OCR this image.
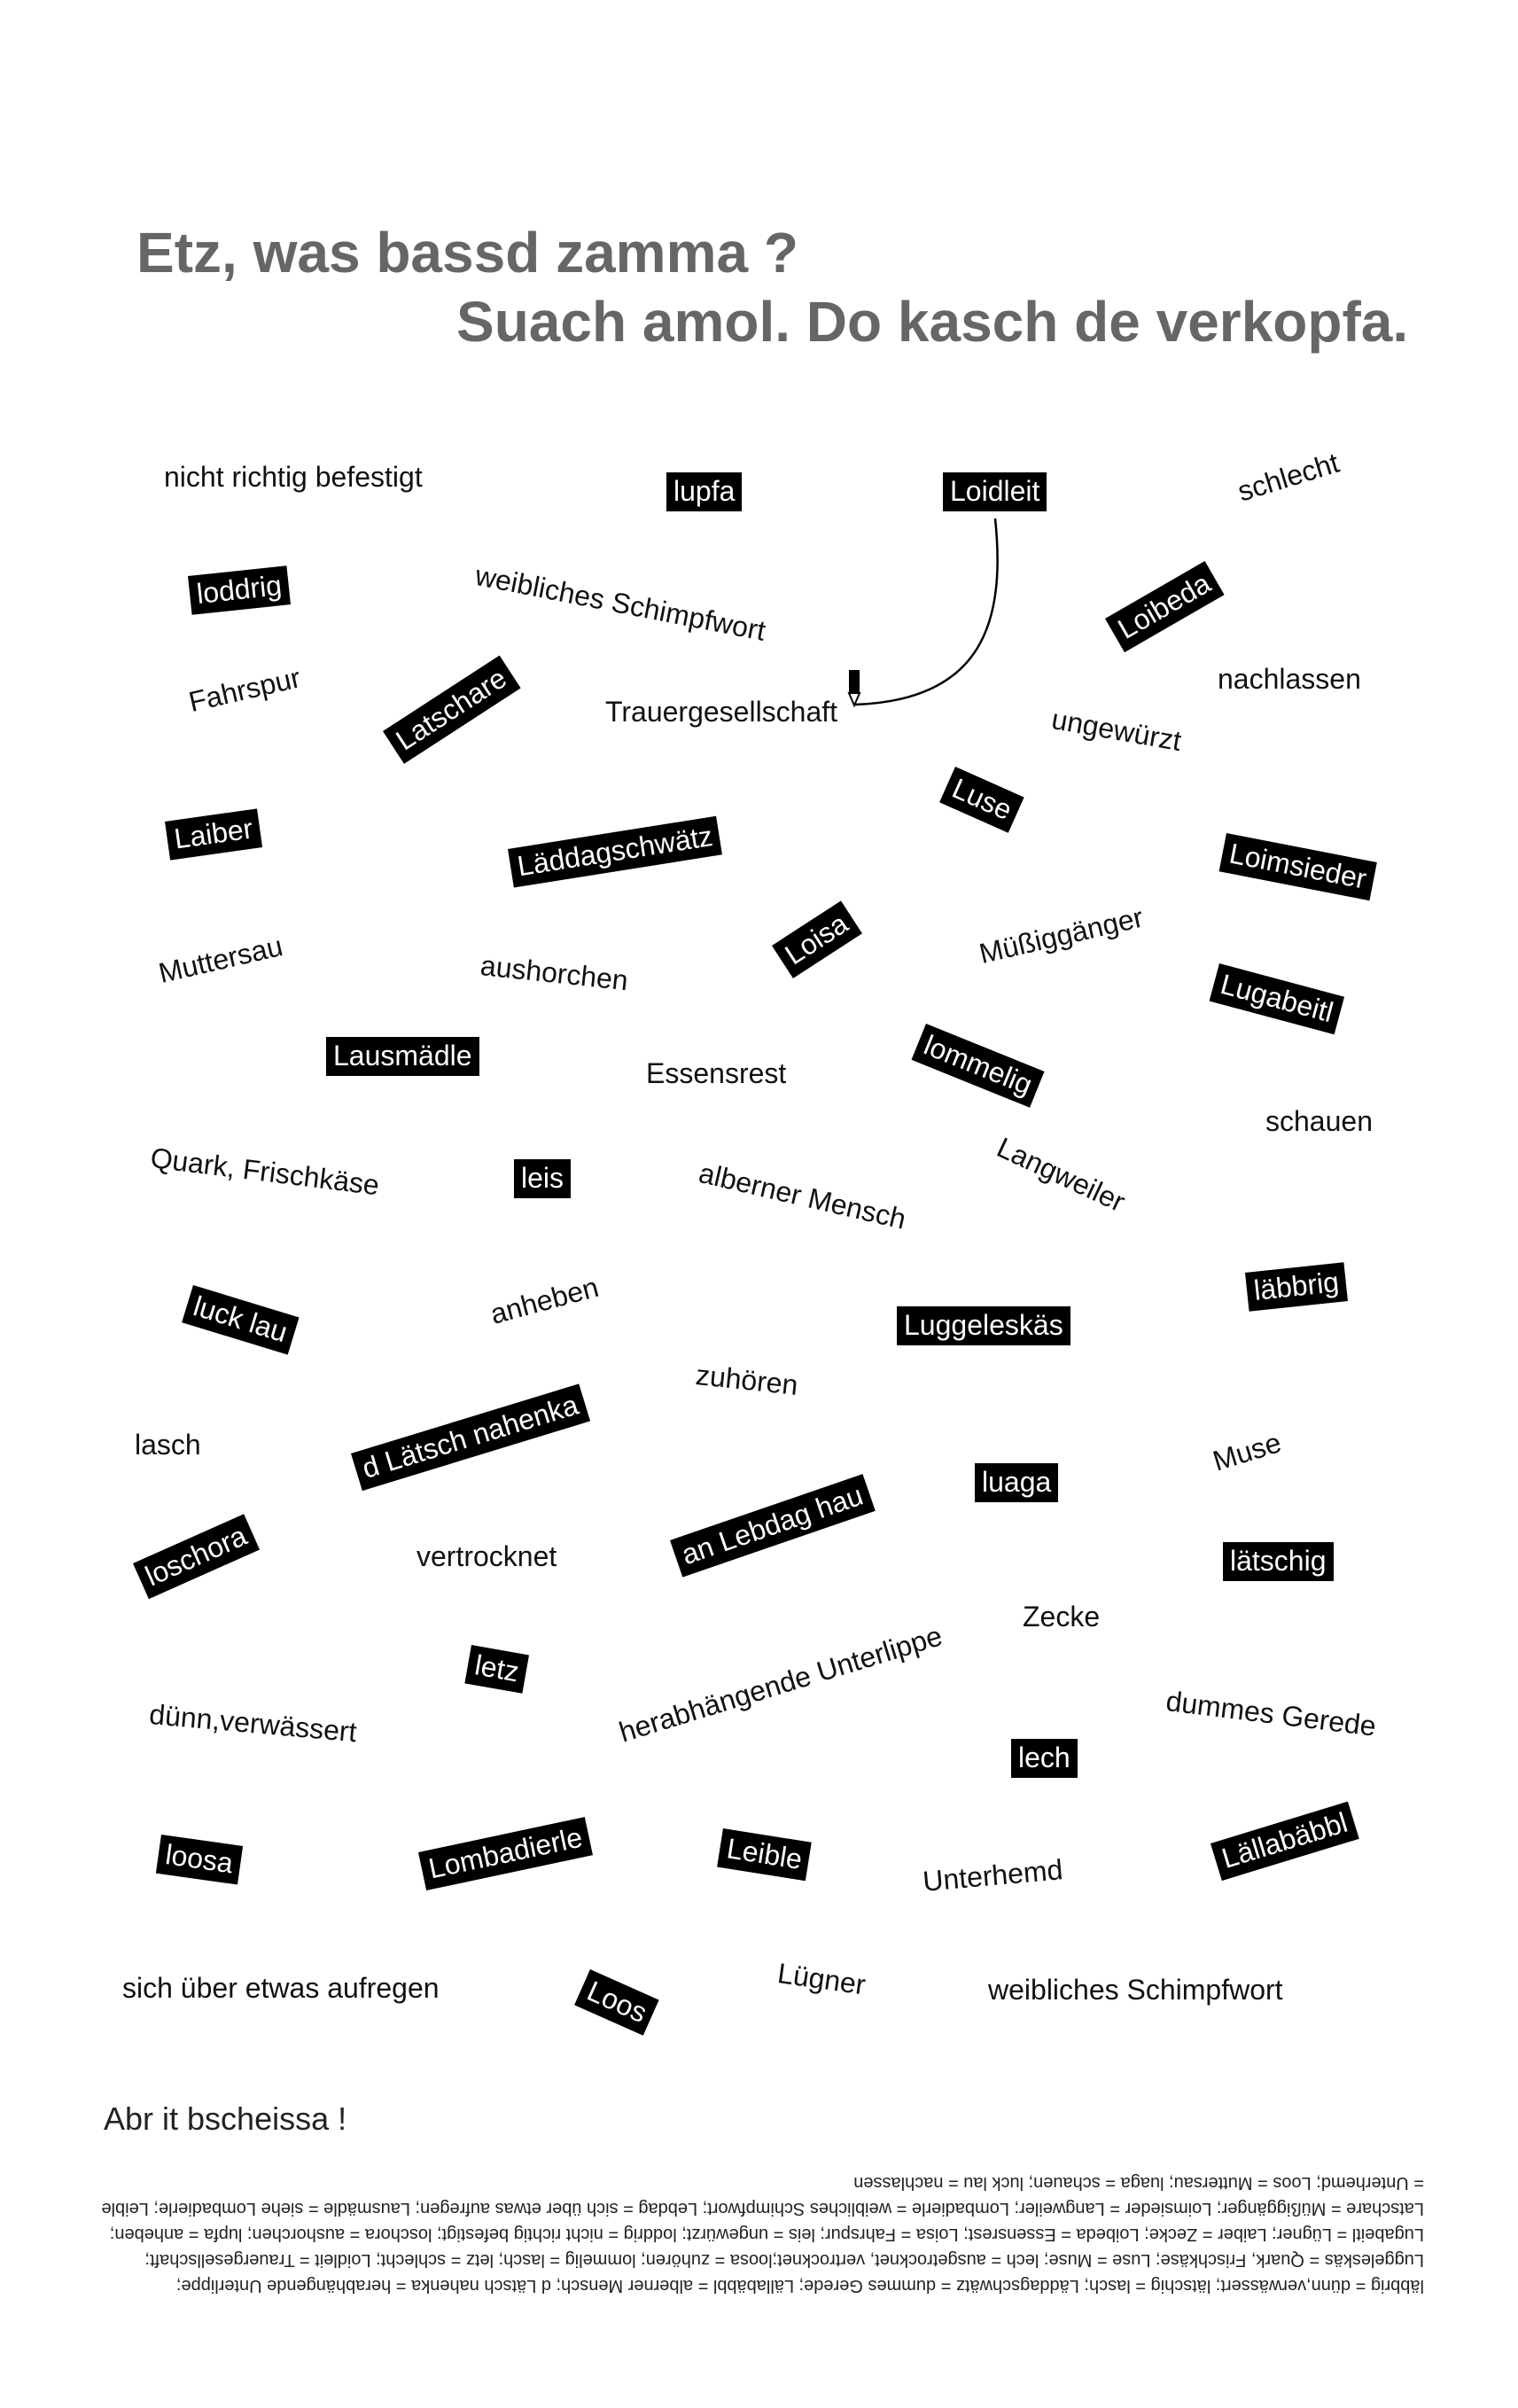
Etz, was bassd zamma ?
Suach amol. Do kasch de verkopfa.
lupfa	Loidleit
loddrig	Loibeda
Latschare
Luse
Laiber	Läddagschwätz	Loimsieder
Loisa
Lugabeitl
Lausmädle	lommelig
leis
luck lau	Luggeleskäs
läbbrig
d Lätsch nahenka	luaga
an Lebdag hau
loschora	lätschig
letz
lech
loosa	Lombadierle	Leible	Lällabäbbl
Loos
nicht richtig befestigt	schlecht
weibliches Schimpfwort
Fahrspur	Trauergesellschaft
nachlassen
ungewürzt
Muttersau	aushorchen
Müßiggänger
Essensrest
schauen
Quark, Frischkäse	alberner Mensch	Langweiler
anheben
zuhören
lasch	Muse
vertrocknet
Zecke
dünn,verwässert	herabhängende Unterlippe	dummes Gerede
Unterhemd
sich über etwas aufregen	Lügner	weibliches Schimpfwort
Abr it bscheissa !
läbbrig = dünn,verwässert; lätschig = lasch; Läddagschwätz = dummes Gerede; Lällabäbbl = alberner Mensch; d Lätsch nahenka = herabhängende Unterlippe; Luggeleskäs = Quark, Frischkäse; Luse = Muse; lech = ausgetrocknet, vertrocknet;loosa = zuhören; lommelig = lasch; letz = schlecht; Loidleit = Trauergesellschaft; Lugabeitl = Lügner; Laiber = Zecke; Loibeda = Essensrest; Loisa = Fahrspur; leis = ungewürzt; loddrig = nicht richtig befestigt; loschora = aushorchen; lupfa = anheben; Latschare = Müßiggänger; Loimsieder = Langweiler; Lombadierle = weibliches Schimpfwort; Lebdag = sich über etwas aufregen; Lausmädle = siehe Lombadierle; Leible = Unterhemd; Loos = Muttersau; luaga = schauen; luck lau = nachlassen
